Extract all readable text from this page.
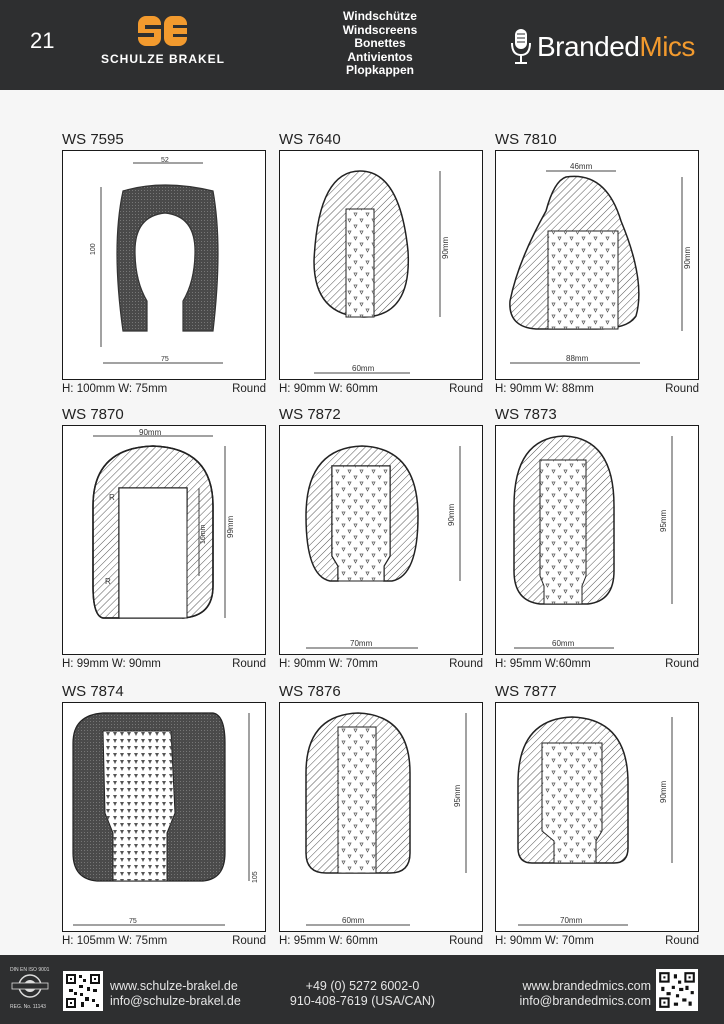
21
SCHULZE BRAKEL
Windschütze
Windscreens
Bonettes
Antivientos
Plopkappen
BrandedMics
WS 7595
52
100
75
H: 100mm W: 75mm	Round
WS 7640
90mm
60mm
H: 90mm W: 60mm	Round
WS 7810
46mm
90mm
88mm
H: 90mm W: 88mm	Round
WS 7870
90mm
R
R
16mm 99mm
H: 99mm W: 90mm	Round
WS 7872
90mm
70mm
H: 90mm W: 70mm	Round
WS 7873
95mm
60mm
H: 95mm W:60mm	Round
WS 7874
105
75
H: 105mm W: 75mm	Round
WS 7876
95mm
60mm
H: 95mm W: 60mm	Round
WS 7877
90mm
70mm
H: 90mm W: 70mm	Round
DIN EN ISO 9001
REG. No. 11143
www.schulze-brakel.de
info@schulze-brakel.de
+49 (0) 5272 6002-0
910-408-7619 (USA/CAN)
www.brandedmics.com
info@brandedmics.com
